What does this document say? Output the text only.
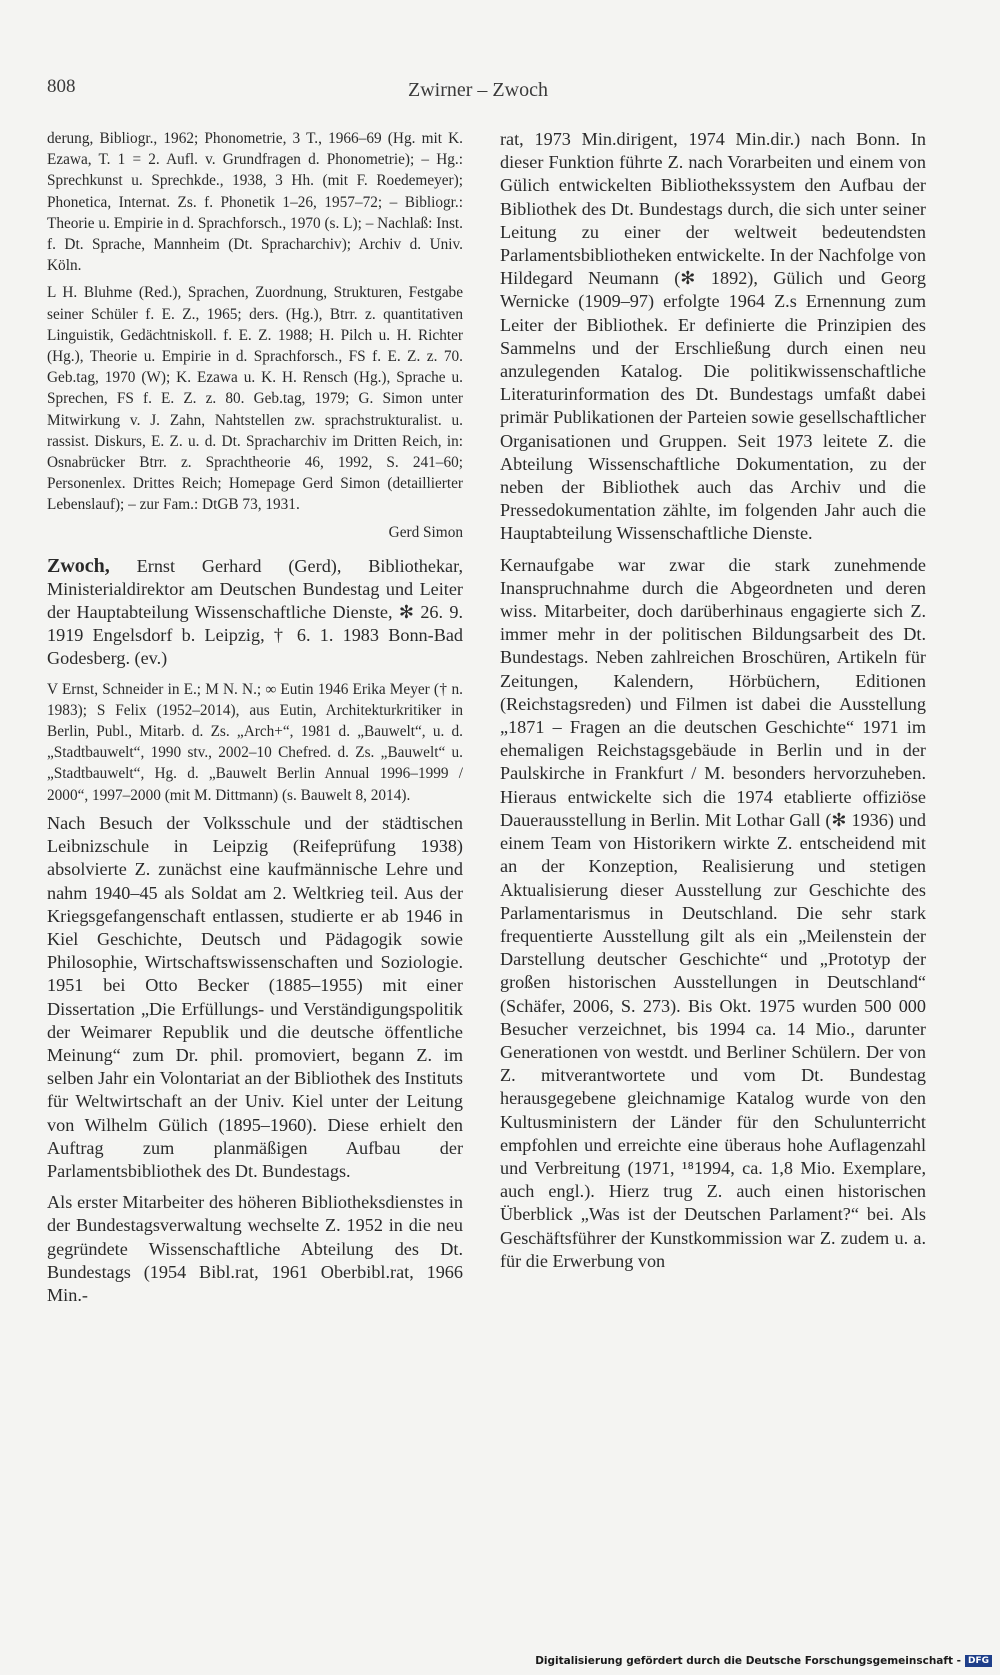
808	Zwirner – Zwoch

derung, Bibliogr., 1962; Phonometrie, 3 T., 1966–69 (Hg. mit K. Ezawa, T. 1 = 2. Aufl. v. Grundfragen d. Phonometrie); – Hg.: Sprechkunst u. Sprechkde., 1938, 3 Hh. (mit F. Roedemeyer); Phonetica, Internat. Zs. f. Phonetik 1–26, 1957–72; – Bibliogr.: Theorie u. Empirie in d. Sprachforsch., 1970 (s. L); – Nachlaß: Inst. f. Dt. Sprache, Mannheim (Dt. Spracharchiv); Archiv d. Univ. Köln.

L H. Bluhme (Red.), Sprachen, Zuordnung, Strukturen, Festgabe seiner Schüler f. E. Z., 1965; ders. (Hg.), Btrr. z. quantitativen Linguistik, Gedächtniskoll. f. E. Z. 1988; H. Pilch u. H. Richter (Hg.), Theorie u. Empirie in d. Sprachforsch., FS f. E. Z. z. 70. Geb.tag, 1970 (W); K. Ezawa u. K. H. Rensch (Hg.), Sprache u. Sprechen, FS f. E. Z. z. 80. Geb.tag, 1979; G. Simon unter Mitwirkung v. J. Zahn, Nahtstellen zw. sprachstrukturalist. u. rassist. Diskurs, E. Z. u. d. Dt. Spracharchiv im Dritten Reich, in: Osnabrücker Btrr. z. Sprachtheorie 46, 1992, S. 241–60; Personenlex. Drittes Reich; Homepage Gerd Simon (detaillierter Lebenslauf); – zur Fam.: DtGB 73, 1931.

Gerd Simon

Zwoch, Ernst Gerhard (Gerd), Bibliothekar, Ministerialdirektor am Deutschen Bundestag und Leiter der Hauptabteilung Wissenschaftliche Dienste, ✻ 26. 9. 1919 Engelsdorf b. Leipzig, † 6. 1. 1983 Bonn-Bad Godesberg. (ev.)

V Ernst, Schneider in E.; M N. N.; ∞ Eutin 1946 Erika Meyer († n. 1983); S Felix (1952–2014), aus Eutin, Architekturkritiker in Berlin, Publ., Mitarb. d. Zs. „Arch+“, 1981 d. „Bauwelt“, u. d. „Stadtbauwelt“, 1990 stv., 2002–10 Chefred. d. Zs. „Bauwelt“ u. „Stadtbauwelt“, Hg. d. „Bauwelt Berlin Annual 1996–1999 / 2000“, 1997–2000 (mit M. Dittmann) (s. Bauwelt 8, 2014).

Nach Besuch der Volksschule und der städtischen Leibnizschule in Leipzig (Reifeprüfung 1938) absolvierte Z. zunächst eine kaufmännische Lehre und nahm 1940–45 als Soldat am 2. Weltkrieg teil. Aus der Kriegsgefangenschaft entlassen, studierte er ab 1946 in Kiel Geschichte, Deutsch und Pädagogik sowie Philosophie, Wirtschaftswissenschaften und Soziologie. 1951 bei Otto Becker (1885–1955) mit einer Dissertation „Die Erfüllungs- und Verständigungspolitik der Weimarer Republik und die deutsche öffentliche Meinung“ zum Dr. phil. promoviert, begann Z. im selben Jahr ein Volontariat an der Bibliothek des Instituts für Weltwirtschaft an der Univ. Kiel unter der Leitung von Wilhelm Gülich (1895–1960). Diese erhielt den Auftrag zum planmäßigen Aufbau der Parlamentsbibliothek des Dt. Bundestags.

Als erster Mitarbeiter des höheren Bibliotheksdienstes in der Bundestagsverwaltung wechselte Z. 1952 in die neu gegründete Wissenschaftliche Abteilung des Dt. Bundestags (1954 Bibl.rat, 1961 Oberbibl.rat, 1966 Min.-

rat, 1973 Min.dirigent, 1974 Min.dir.) nach Bonn. In dieser Funktion führte Z. nach Vorarbeiten und einem von Gülich entwickelten Bibliothekssystem den Aufbau der Bibliothek des Dt. Bundestags durch, die sich unter seiner Leitung zu einer der weltweit bedeutendsten Parlamentsbibliotheken entwickelte. In der Nachfolge von Hildegard Neumann (✻ 1892), Gülich und Georg Wernicke (1909–97) erfolgte 1964 Z.s Ernennung zum Leiter der Bibliothek. Er definierte die Prinzipien des Sammelns und der Erschließung durch einen neu anzulegenden Katalog. Die politikwissenschaftliche Literaturinformation des Dt. Bundestags umfaßt dabei primär Publikationen der Parteien sowie gesellschaftlicher Organisationen und Gruppen. Seit 1973 leitete Z. die Abteilung Wissenschaftliche Dokumentation, zu der neben der Bibliothek auch das Archiv und die Pressedokumentation zählte, im folgenden Jahr auch die Hauptabteilung Wissenschaftliche Dienste.

Kernaufgabe war zwar die stark zunehmende Inanspruchnahme durch die Abgeordneten und deren wiss. Mitarbeiter, doch darüberhinaus engagierte sich Z. immer mehr in der politischen Bildungsarbeit des Dt. Bundestags. Neben zahlreichen Broschüren, Artikeln für Zeitungen, Kalendern, Hörbüchern, Editionen (Reichstagsreden) und Filmen ist dabei die Ausstellung „1871 – Fragen an die deutschen Geschichte“ 1971 im ehemaligen Reichstagsgebäude in Berlin und in der Paulskirche in Frankfurt / M. besonders hervorzuheben. Hieraus entwickelte sich die 1974 etablierte offiziöse Dauerausstellung in Berlin. Mit Lothar Gall (✻ 1936) und einem Team von Historikern wirkte Z. entscheidend mit an der Konzeption, Realisierung und stetigen Aktualisierung dieser Ausstellung zur Geschichte des Parlamentarismus in Deutschland. Die sehr stark frequentierte Ausstellung gilt als ein „Meilenstein der Darstellung deutscher Geschichte“ und „Prototyp der großen historischen Ausstellungen in Deutschland“ (Schäfer, 2006, S. 273). Bis Okt. 1975 wurden 500 000 Besucher verzeichnet, bis 1994 ca. 14 Mio., darunter Generationen von westdt. und Berliner Schülern. Der von Z. mitverantwortete und vom Dt. Bundestag herausgegebene gleichnamige Katalog wurde von den Kultusministern der Länder für den Schulunterricht empfohlen und erreichte eine überaus hohe Auflagenzahl und Verbreitung (1971, ¹⁸1994, ca. 1,8 Mio. Exemplare, auch engl.). Hierz trug Z. auch einen historischen Überblick „Was ist der Deutschen Parlament?“ bei. Als Geschäftsführer der Kunstkommission war Z. zudem u. a. für die Erwerbung von

Digitalisierung gefördert durch die Deutsche Forschungsgemeinschaft - DFG
